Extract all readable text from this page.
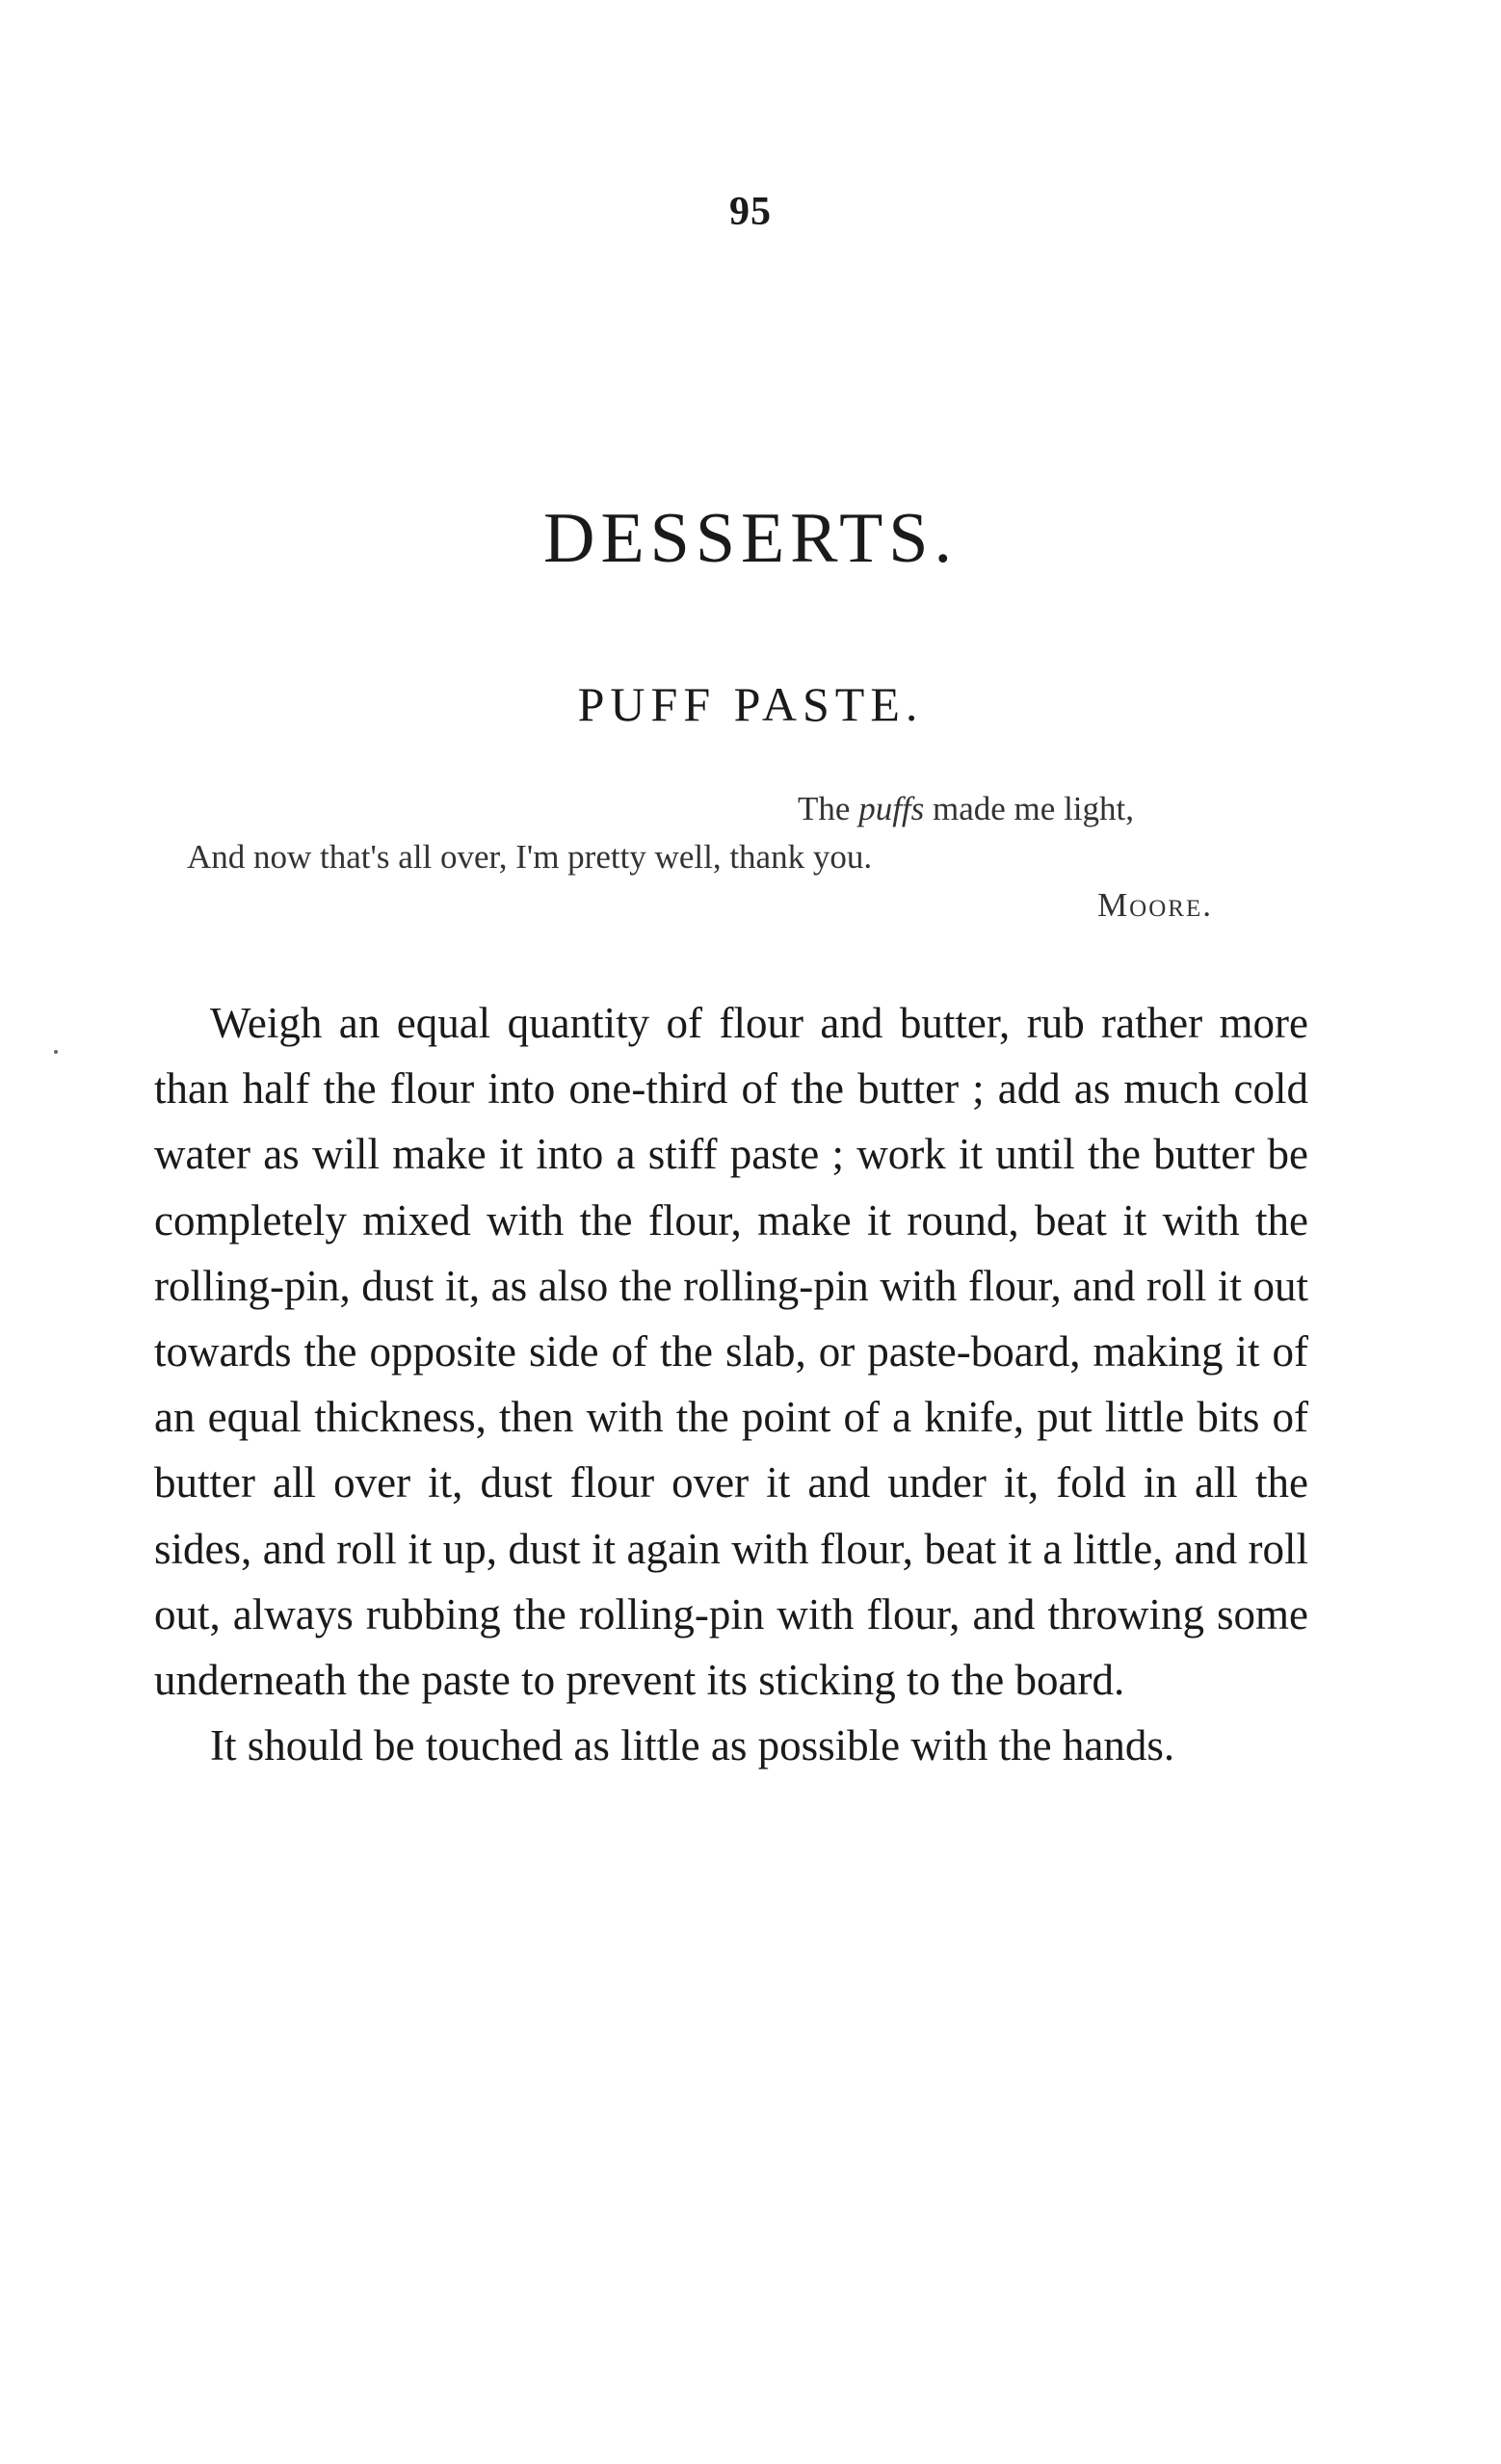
95
DESSERTS.
PUFF PASTE.
The puffs made me light,
And now that's all over, I'm pretty well, thank you.
Moore.

Weigh an equal quantity of flour and butter, rub rather more than half the flour into one-third of the butter ; add as much cold water as will make it into a stiff paste ; work it until the butter be completely mixed with the flour, make it round, beat it with the rolling-pin, dust it, as also the rolling-pin with flour, and roll it out towards the opposite side of the slab, or paste-board, making it of an equal thickness, then with the point of a knife, put little bits of butter all over it, dust flour over it and under it, fold in all the sides, and roll it up, dust it again with flour, beat it a little, and roll out, always rubbing the rolling-pin with flour, and throwing some underneath the paste to prevent its sticking to the board.

It should be touched as little as possible with the hands.
